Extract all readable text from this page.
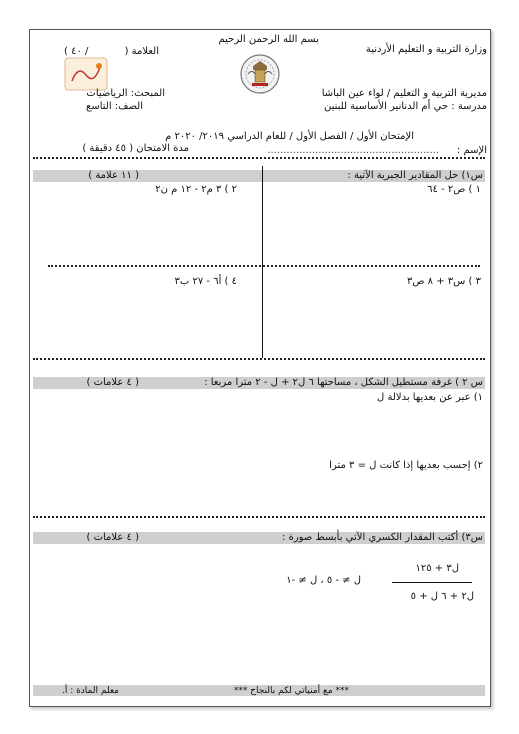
بسم الله الرحمن الرحيم
وزارة التربية و التعليم الأردنية
العلامة (
/ ٤٠ )
مديرية التربية و التعليم / لواء عين الباشا
المبحث: الرياضيات
مدرسة : حي أم الدنانير الأساسية للبنين
الصف: التاسع
الإمتحان الأول / الفصل الأول / للعام الدراسي ٢٠١٩/ ٢٠٢٠ م
مدة الامتحان ( ٤٥ دقيقة )	الإسم :
......................................................
س١) حل المقادير الجبرية الآتية :
( ١١ علامة )
١ ) ص٢ - ٦٤
٢ ) ٣ م٢ - ١٢ م ن٢
٣ ) س٣ + ٨ ص٣
٤ ) أ٦ - ٢٧ ب٣
س ٢ ) غرفة مستطيل الشكل ، مساحتها ٦ ل٢ + ل - ٢ مترا مربعا :
( ٤ علامات )
١) عبر عن بعديها بدلالة ل
٢) إحسب بعديها إذا كانت ل = ٣ مترا
س٣) أكتب المقدار الكسري الآتي بأبسط صورة :
( ٤ علامات )
ل٣ + ١٢٥
ل٢ + ٦ ل + ٥
ل ≠ - ٥ ، ل ≠ -١
*** مع أمنياتي لكم بالنجاح ***
معلم المادة : أ.
